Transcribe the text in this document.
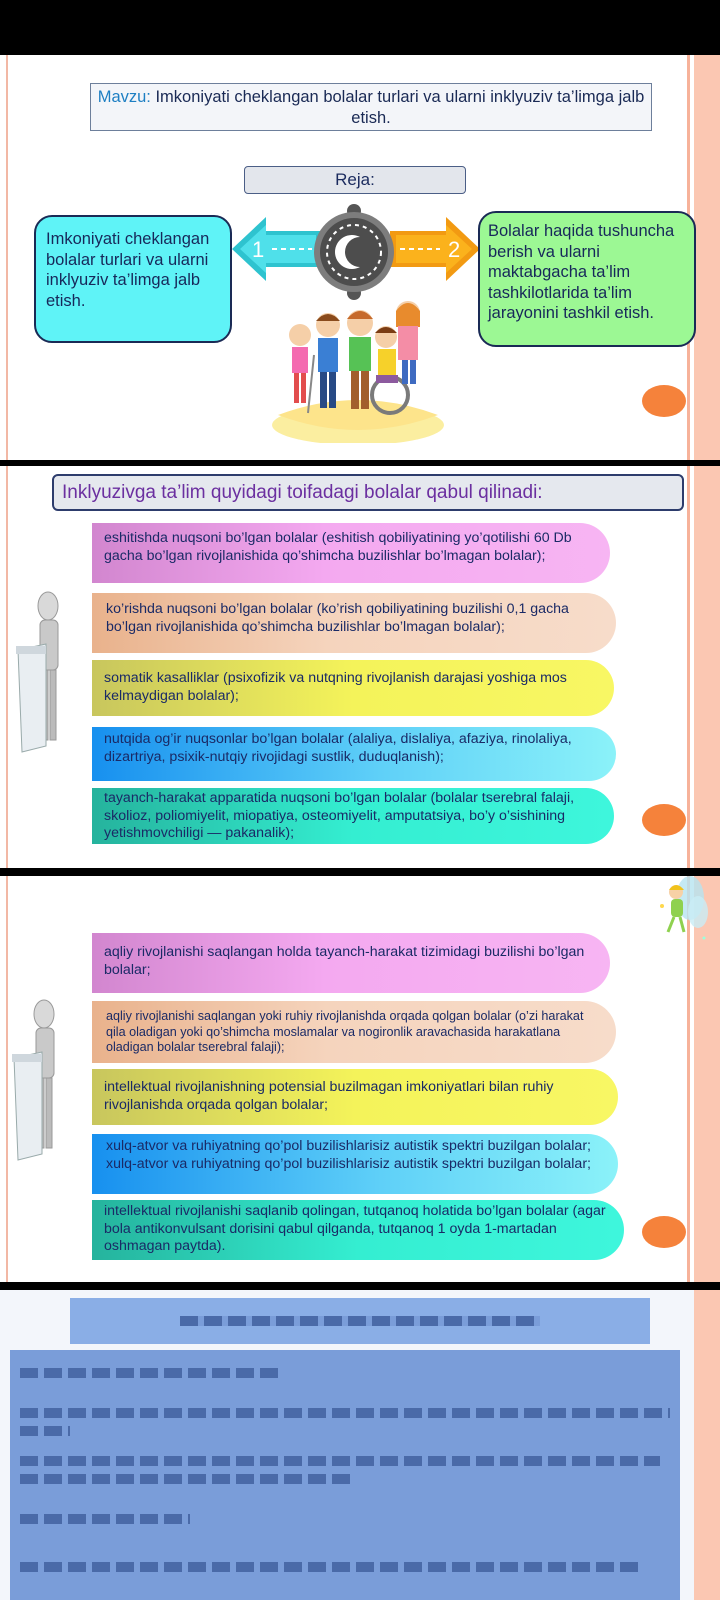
Mavzu: Imkoniyati cheklangan bolalar turlari va ularni inklyuziv ta’limga jalb etish.
Reja:
Imkoniyati cheklangan bolalar turlari va ularni inklyuziv ta’limga jalb etish.
1	2
Bolalar haqida tushuncha berish va ularni maktabgacha ta’lim tashkilotlarida ta’lim jarayonini tashkil etish.
Inklyuzivga ta’lim quyidagi toifadagi bolalar qabul qilinadi:
eshitishda nuqsoni bo’lgan bolalar (eshitish qobiliyatining yo’qotilishi 60 Db gacha bo’lgan rivojlanishida qo’shimcha buzilishlar bo’lmagan bolalar);
ko’rishda nuqsoni bo’lgan bolalar (ko’rish qobiliyatining buzilishi 0,1 gacha bo’lgan rivojlanishida qo’shimcha buzilishlar bo’lmagan bolalar);
somatik kasalliklar (psixofizik va nutqning rivojlanish darajasi yoshiga mos kelmaydigan bolalar);
nutqida og’ir nuqsonlar bo’lgan bolalar (alaliya, dislaliya, afaziya, rinolaliya, dizartriya, psixik-nutqiy rivojidagi sustlik, duduqlanish);
tayanch-harakat apparatida nuqsoni bo’lgan bolalar (bolalar tserebral falaji, skolioz, poliomiyelit, miopatiya, osteomiyelit, amputatsiya, bo’y o’sishining yetishmovchiligi — pakanalik);
aqliy rivojlanishi saqlangan holda tayanch-harakat tizimidagi buzilishi bo’lgan bolalar;
aqliy rivojlanishi saqlangan yoki ruhiy rivojlanishda orqada qolgan bolalar (o’zi harakat qila oladigan yoki qo’shimcha moslamalar va nogironlik aravachasida harakatlana oladigan bolalar tserebral falaji);
intellektual rivojlanishning potensial buzilmagan imkoniyatlari bilan ruhiy rivojlanishda orqada qolgan bolalar;
xulq-atvor va ruhiyatning qo’pol buzilishlarisiz autistik spektri buzilgan bolalar; xulq-atvor va ruhiyatning qo’pol buzilishlarisiz autistik spektri buzilgan bolalar;
intellektual rivojlanishi saqlanib qolingan, tutqanoq holatida bo’lgan bolalar (agar bola antikonvulsant dorisini qabul qilganda, tutqanoq 1 oyda 1-martadan oshmagan paytda).
